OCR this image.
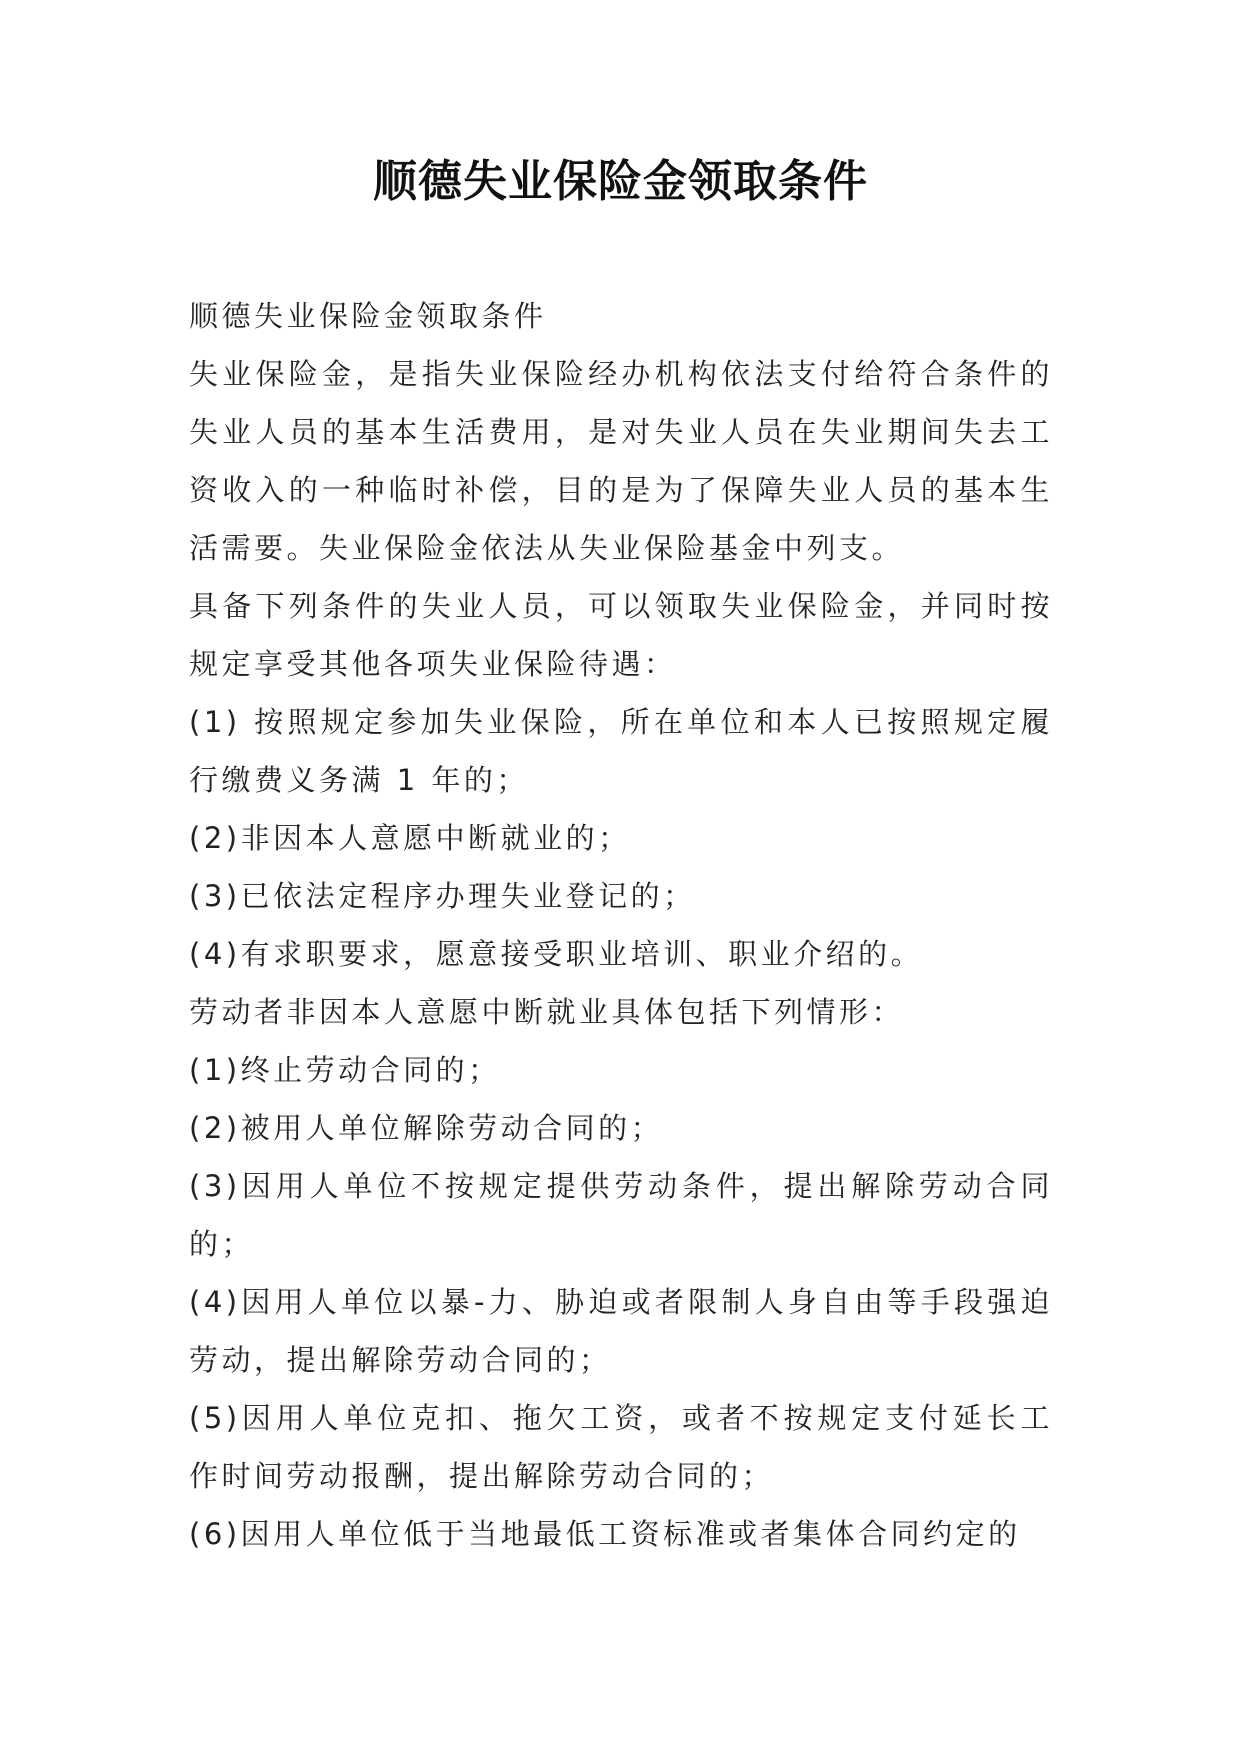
顺德失业保险金领取条件

顺德失业保险金领取条件

失业保险金，是指失业保险经办机构依法支付给符合条件的失业人员的基本生活费用，是对失业人员在失业期间失去工资收入的一种临时补偿，目的是为了保障失业人员的基本生活需要。失业保险金依法从失业保险基金中列支。

具备下列条件的失业人员，可以领取失业保险金，并同时按规定享受其他各项失业保险待遇：

(1) 按照规定参加失业保险，所在单位和本人已按照规定履行缴费义务满 1 年的；

(2)非因本人意愿中断就业的；

(3)已依法定程序办理失业登记的；

(4)有求职要求，愿意接受职业培训、职业介绍的。

劳动者非因本人意愿中断就业具体包括下列情形：

(1)终止劳动合同的；

(2)被用人单位解除劳动合同的；

(3)因用人单位不按规定提供劳动条件，提出解除劳动合同的；

(4)因用人单位以暴-力、胁迫或者限制人身自由等手段强迫劳动，提出解除劳动合同的；

(5)因用人单位克扣、拖欠工资，或者不按规定支付延长工作时间劳动报酬，提出解除劳动合同的；

(6)因用人单位低于当地最低工资标准或者集体合同约定的
